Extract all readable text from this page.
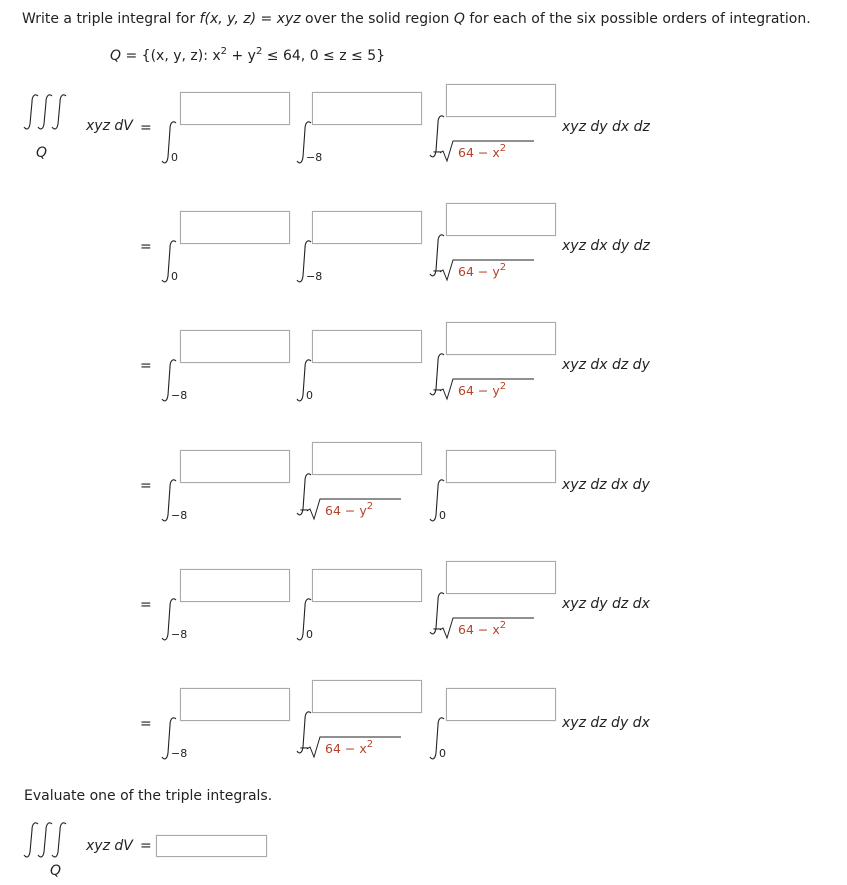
Write a triple integral for f(x, y, z) = xyz over the solid region Q for each of the six possible orders of integration.
Q = {(x, y, z): $x^2 + y^2 \le 64$, 0 ≤ z ≤ 5}
xyz dV =
Q	0	−8	− $64 - x^2$
xyz dy dx dz
=
0	−8	− $64 - y^2$
xyz dx dy dz
=
−8	0	− $64 - y^2$
xyz dx dz dy
=
−8	− $64 - y^2$
0
xyz dz dx dy
=
−8	0	− $64 - x^2$
xyz dy dz dx
=
−8	− $64 - x^2$
0
xyz dz dy dx
Evaluate one of the triple integrals.
xyz dV =
Q
